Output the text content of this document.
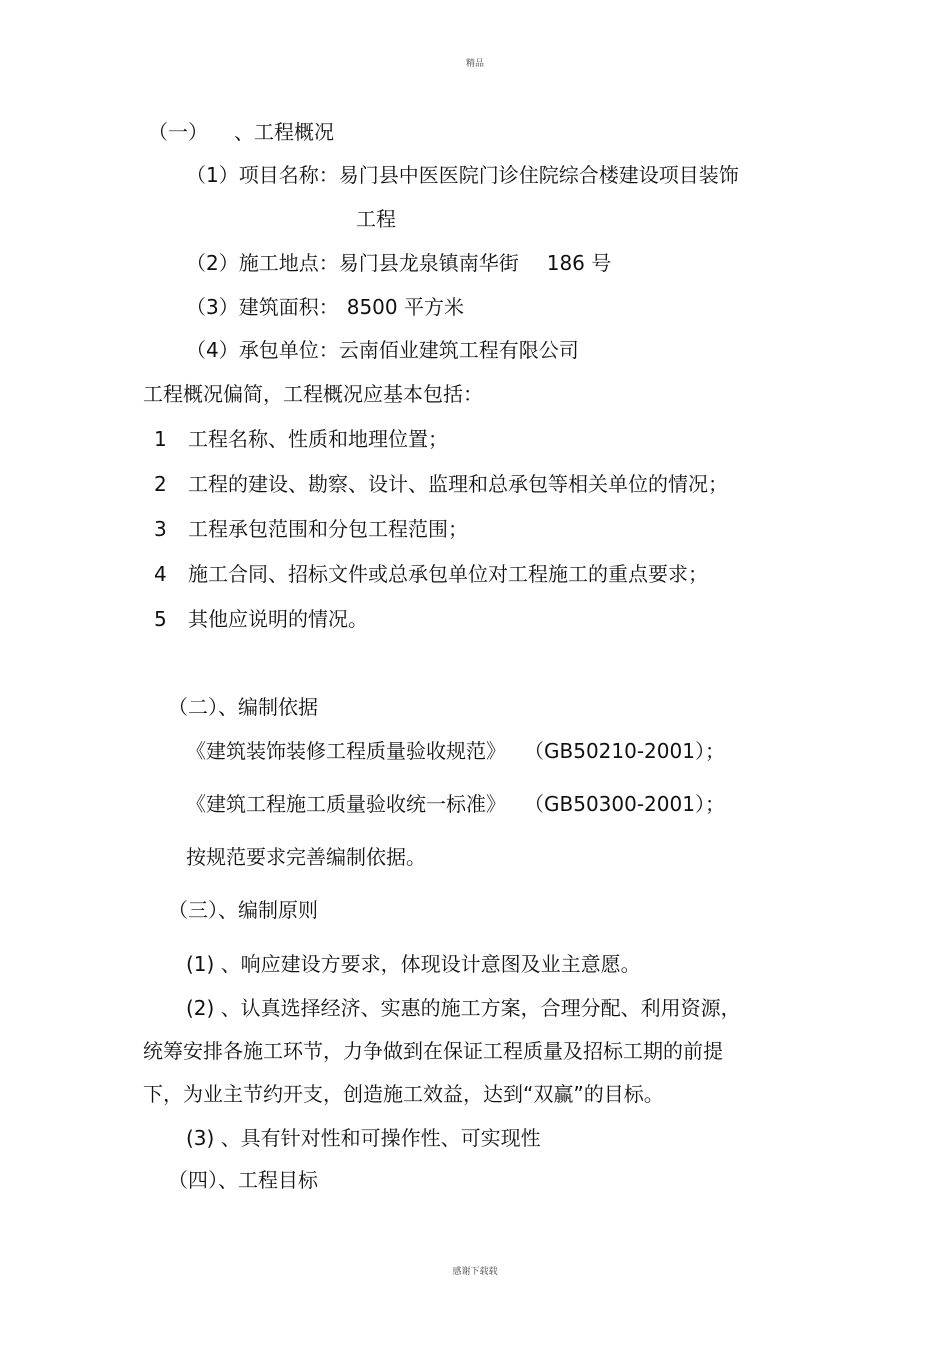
精品
（一） 、工程概况
（1）项目名称：易门县中医医院门诊住院综合楼建设项目装饰
工程
（2）施工地点：易门县龙泉镇南华街 186 号
（3）建筑面积： 8500 平方米
（4）承包单位：云南佰业建筑工程有限公司
工程概况偏简，工程概况应基本包括：
1 工程名称、性质和地理位置；
2 工程的建设、勘察、设计、监理和总承包等相关单位的情况；
3 工程承包范围和分包工程范围；
4 施工合同、招标文件或总承包单位对工程施工的重点要求；
5 其他应说明的情况。
（二）、编制依据
《建筑装饰装修工程质量验收规范》 （GB50210-2001）；
《建筑工程施工质量验收统一标准》 （GB50300-2001）；
按规范要求完善编制依据。
（三）、编制原则
(1) 、响应建设方要求，体现设计意图及业主意愿。
(2) 、认真选择经济、实惠的施工方案，合理分配、利用资源，
统筹安排各施工环节，力争做到在保证工程质量及招标工期的前提
下，为业主节约开支，创造施工效益，达到“双赢”的目标。
(3) 、具有针对性和可操作性、可实现性
（四）、工程目标
感谢下载载
